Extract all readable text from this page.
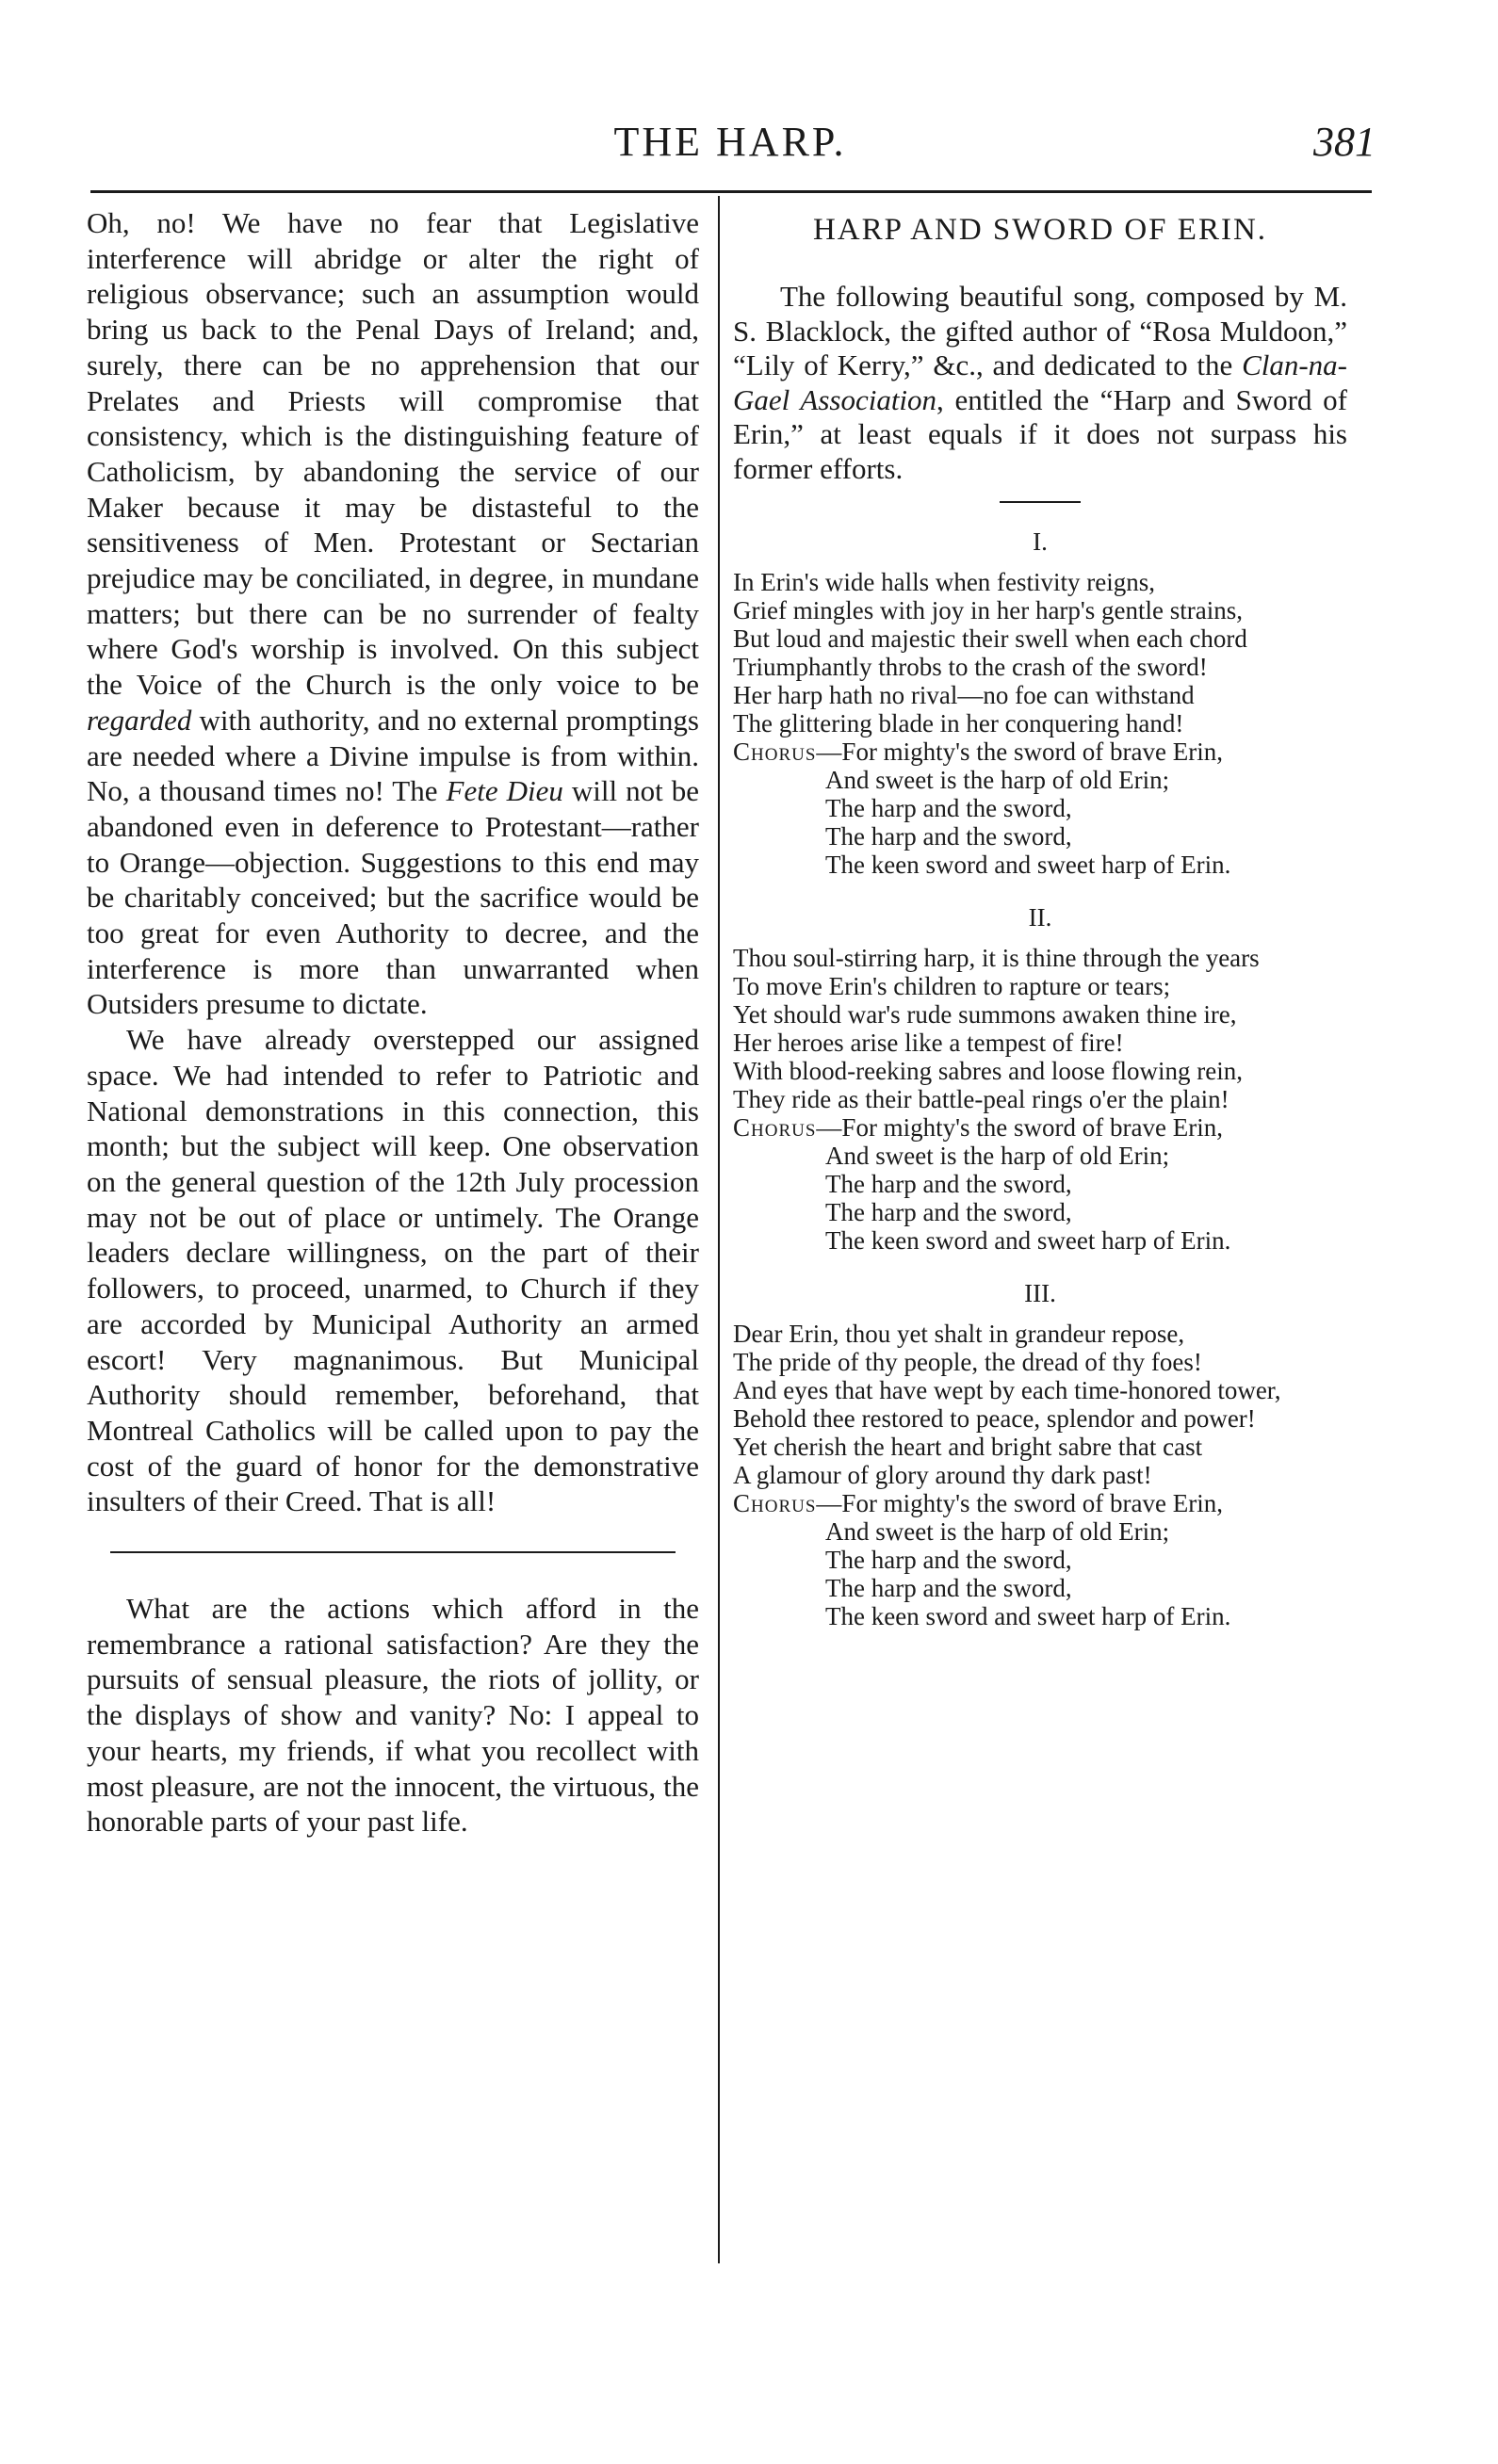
THE HARP.	381

Oh, no! We have no fear that Legislative interference will abridge or alter the right of religious observance; such an assumption would bring us back to the Penal Days of Ireland; and, surely, there can be no apprehension that our Prelates and Priests will compromise that consistency, which is the distinguishing feature of Catholicism, by abandoning the service of our Maker because it may be distasteful to the sensitiveness of Men. Protestant or Sectarian prejudice may be conciliated, in degree, in mundane matters; but there can be no surrender of fealty where God's worship is involved. On this subject the Voice of the Church is the only voice to be regarded with authority, and no external promptings are needed where a Divine impulse is from within. No, a thousand times no! The Fete Dieu will not be abandoned even in deference to Protestant—rather to Orange—objection. Suggestions to this end may be charitably conceived; but the sacrifice would be too great for even Authority to decree, and the interference is more than unwarranted when Outsiders presume to dictate.

We have already overstepped our assigned space. We had intended to refer to Patriotic and National demonstrations in this connection, this month; but the subject will keep. One observation on the general question of the 12th July procession may not be out of place or untimely. The Orange leaders declare willingness, on the part of their followers, to proceed, unarmed, to Church if they are accorded by Municipal Authority an armed escort! Very magnanimous. But Municipal Authority should remember, beforehand, that Montreal Catholics will be called upon to pay the cost of the guard of honor for the demonstrative insulters of their Creed. That is all!

What are the actions which afford in the remembrance a rational satisfaction? Are they the pursuits of sensual pleasure, the riots of jollity, or the displays of show and vanity? No: I appeal to your hearts, my friends, if what you recollect with most pleasure, are not the innocent, the virtuous, the honorable parts of your past life.

HARP AND SWORD OF ERIN.

The following beautiful song, composed by M. S. Blacklock, the gifted author of “Rosa Muldoon,” “Lily of Kerry,” &c., and dedicated to the Clan-na-Gael Association, entitled the “Harp and Sword of Erin,” at least equals if it does not surpass his former efforts.

I.
In Erin's wide halls when festivity reigns,
Grief mingles with joy in her harp's gentle strains,
But loud and majestic their swell when each chord
Triumphantly throbs to the crash of the sword!
Her harp hath no rival—no foe can withstand
The glittering blade in her conquering hand!
Chorus—For mighty's the sword of brave Erin,
And sweet is the harp of old Erin;
The harp and the sword,
The harp and the sword,
The keen sword and sweet harp of Erin.
II.
Thou soul-stirring harp, it is thine through the years
To move Erin's children to rapture or tears;
Yet should war's rude summons awaken thine ire,
Her heroes arise like a tempest of fire!
With blood-reeking sabres and loose flowing rein,
They ride as their battle-peal rings o'er the plain!
Chorus—For mighty's the sword of brave Erin,
And sweet is the harp of old Erin;
The harp and the sword,
The harp and the sword,
The keen sword and sweet harp of Erin.
III.
Dear Erin, thou yet shalt in grandeur repose,
The pride of thy people, the dread of thy foes!
And eyes that have wept by each time-honored tower,
Behold thee restored to peace, splendor and power!
Yet cherish the heart and bright sabre that cast
A glamour of glory around thy dark past!
Chorus—For mighty's the sword of brave Erin,
And sweet is the harp of old Erin;
The harp and the sword,
The harp and the sword,
The keen sword and sweet harp of Erin.
